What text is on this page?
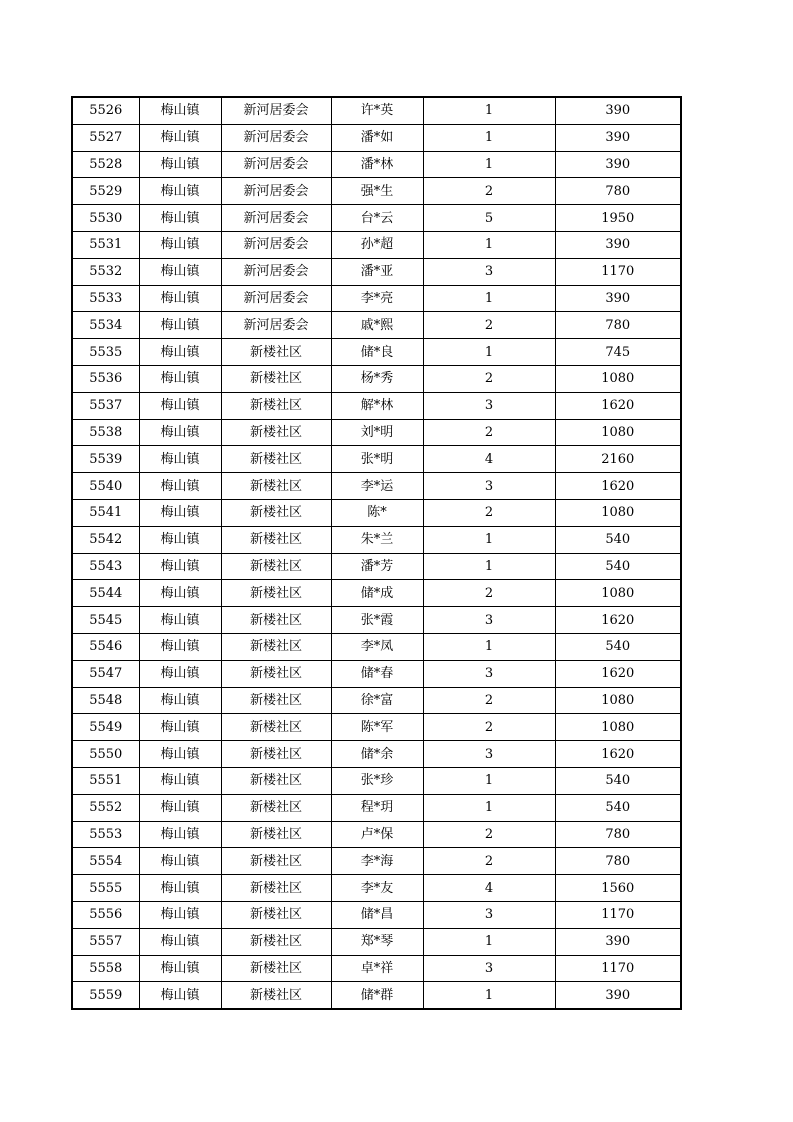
5526	梅山镇	新河居委会	许*英	1	390
5527	梅山镇	新河居委会	潘*如	1	390
5528	梅山镇	新河居委会	潘*林	1	390
5529	梅山镇	新河居委会	强*生	2	780
5530	梅山镇	新河居委会	台*云	5	1950
5531	梅山镇	新河居委会	孙*超	1	390
5532	梅山镇	新河居委会	潘*亚	3	1170
5533	梅山镇	新河居委会	李*亮	1	390
5534	梅山镇	新河居委会	戚*熙	2	780
5535	梅山镇	新楼社区	储*良	1	745
5536	梅山镇	新楼社区	杨*秀	2	1080
5537	梅山镇	新楼社区	解*林	3	1620
5538	梅山镇	新楼社区	刘*明	2	1080
5539	梅山镇	新楼社区	张*明	4	2160
5540	梅山镇	新楼社区	李*运	3	1620
5541	梅山镇	新楼社区	陈*	2	1080
5542	梅山镇	新楼社区	朱*兰	1	540
5543	梅山镇	新楼社区	潘*芳	1	540
5544	梅山镇	新楼社区	储*成	2	1080
5545	梅山镇	新楼社区	张*霞	3	1620
5546	梅山镇	新楼社区	李*凤	1	540
5547	梅山镇	新楼社区	储*春	3	1620
5548	梅山镇	新楼社区	徐*富	2	1080
5549	梅山镇	新楼社区	陈*军	2	1080
5550	梅山镇	新楼社区	储*余	3	1620
5551	梅山镇	新楼社区	张*珍	1	540
5552	梅山镇	新楼社区	程*玥	1	540
5553	梅山镇	新楼社区	卢*保	2	780
5554	梅山镇	新楼社区	李*海	2	780
5555	梅山镇	新楼社区	李*友	4	1560
5556	梅山镇	新楼社区	储*昌	3	1170
5557	梅山镇	新楼社区	郑*琴	1	390
5558	梅山镇	新楼社区	卓*祥	3	1170
5559	梅山镇	新楼社区	储*群	1	390
